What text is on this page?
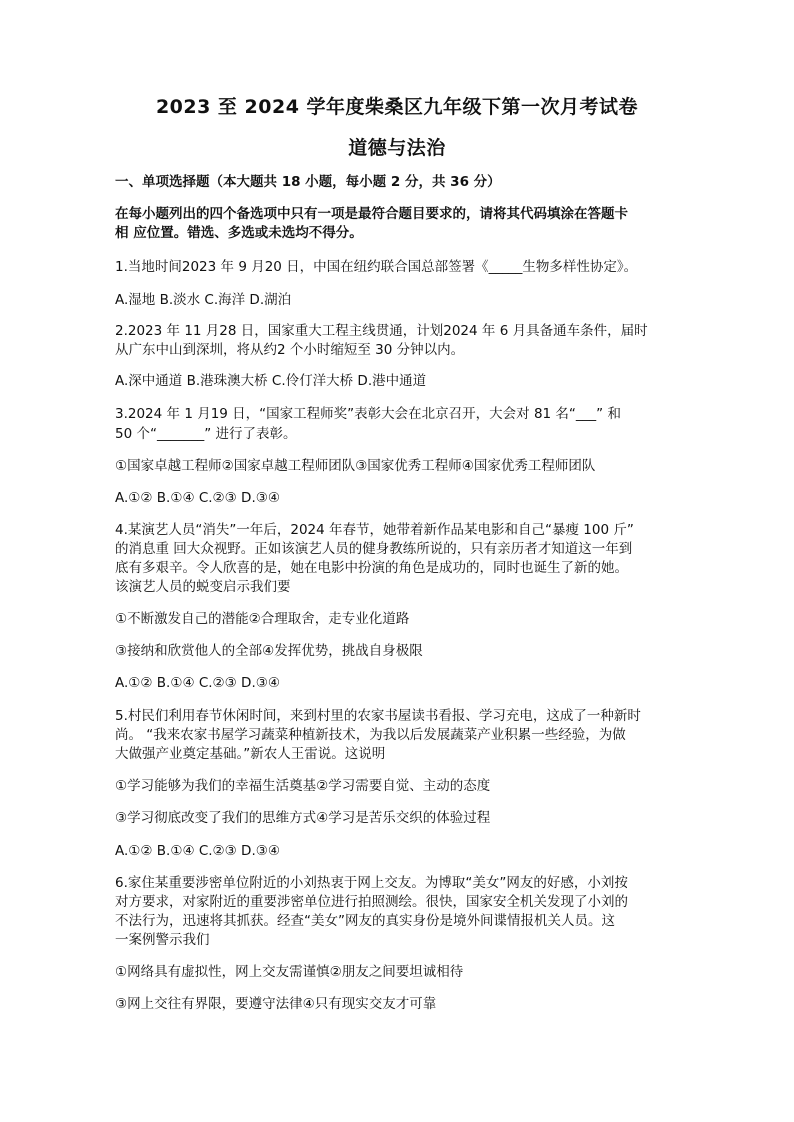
2023 至 2024 学年度柴桑区九年级下第一次月考试卷
道德与法治
一、单项选择题（本大题共 18 小题，每小题 2 分，共 36 分）
在每小题列出的四个备选项中只有一项是最符合题目要求的，请将其代码填涂在答题卡
相 应位置。错选、多选或未选均不得分。
1.当地时间2023 年 9 月20 日，中国在纽约联合国总部签署《_____生物多样性协定》。
A.湿地 B.淡水 C.海洋 D.湖泊
2.2023 年 11 月28 日，国家重大工程主线贯通，计划2024 年 6 月具备通车条件，届时
从广东中山到深圳，将从约2 个小时缩短至 30 分钟以内。
A.深中通道 B.港珠澳大桥 C.伶仃洋大桥 D.港中通道
3.2024 年 1 月19 日，“国家工程师奖”表彰大会在北京召开，大会对 81 名“___” 和
50 个“_______” 进行了表彰。
①国家卓越工程师②国家卓越工程师团队③国家优秀工程师④国家优秀工程师团队
A.①② B.①④ C.②③ D.③④
4.某演艺人员“消失”一年后，2024 年春节，她带着新作品某电影和自己“暴瘦 100 斤”
的消息重 回大众视野。正如该演艺人员的健身教练所说的，只有亲历者才知道这一年到
底有多艰辛。令人欣喜的是，她在电影中扮演的角色是成功的，同时也诞生了新的她。
该演艺人员的蜕变启示我们要
①不断激发自己的潜能②合理取舍，走专业化道路
③接纳和欣赏他人的全部④发挥优势，挑战自身极限
A.①② B.①④ C.②③ D.③④
5.村民们利用春节休闲时间，来到村里的农家书屋读书看报、学习充电，这成了一种新时
尚。 “我来农家书屋学习蔬菜种植新技术，为我以后发展蔬菜产业积累一些经验，为做
大做强产业奠定基础。”新农人王雷说。这说明
①学习能够为我们的幸福生活奠基②学习需要自觉、主动的态度
③学习彻底改变了我们的思维方式④学习是苦乐交织的体验过程
A.①② B.①④ C.②③ D.③④
6.家住某重要涉密单位附近的小刘热衷于网上交友。为博取“美女”网友的好感，小刘按
对方要求，对家附近的重要涉密单位进行拍照测绘。很快，国家安全机关发现了小刘的
不法行为，迅速将其抓获。经查“美女”网友的真实身份是境外间谍情报机关人员。这
一案例警示我们
①网络具有虚拟性，网上交友需谨慎②朋友之间要坦诚相待
③网上交往有界限，要遵守法律④只有现实交友才可靠
